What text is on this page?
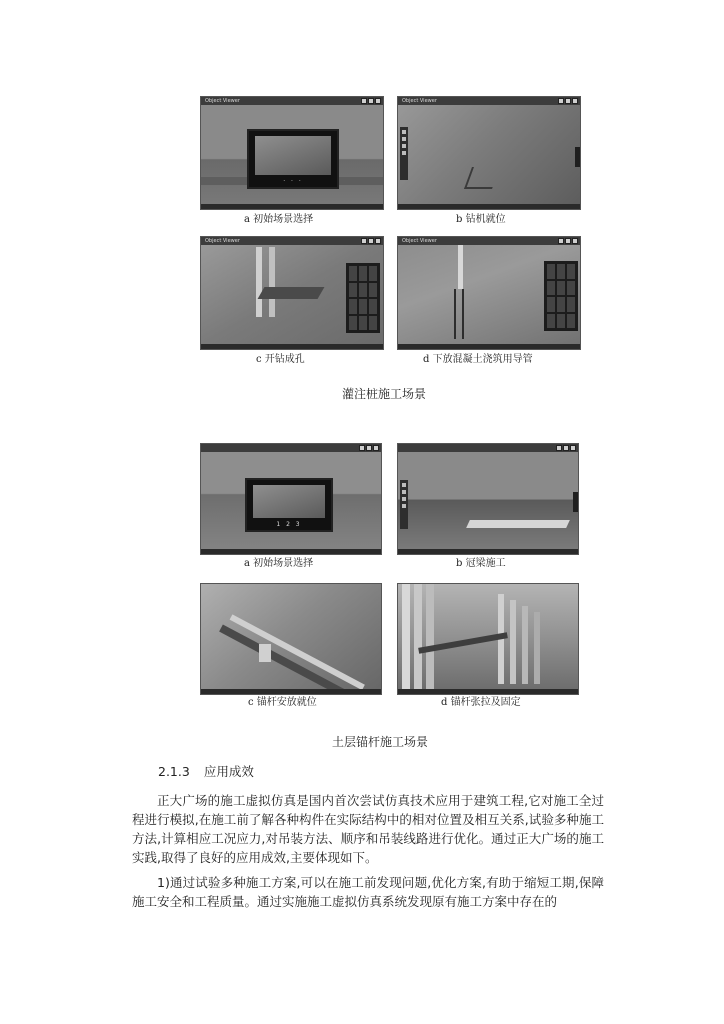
Object Viewer
· · ·
a 初始场景选择
Object Viewer
b 钻机就位
Object Viewer
c 开钻成孔
Object Viewer
d 下放混凝土浇筑用导管
灌注桩施工场景
1 2 3
a 初始场景选择	b 冠梁施工
c 锚杆安放就位	d 锚杆张拉及固定
土层锚杆施工场景
2.1.3 应用成效

正大广场的施工虚拟仿真是国内首次尝试仿真技术应用于建筑工程,它对施工全过程进行模拟,在施工前了解各种构件在实际结构中的相对位置及相互关系,试验多种施工方法,计算相应工况应力,对吊装方法、顺序和吊装线路进行优化。通过正大广场的施工实践,取得了良好的应用成效,主要体现如下。

1)通过试验多种施工方案,可以在施工前发现问题,优化方案,有助于缩短工期,保障施工安全和工程质量。通过实施施工虚拟仿真系统发现原有施工方案中存在的
